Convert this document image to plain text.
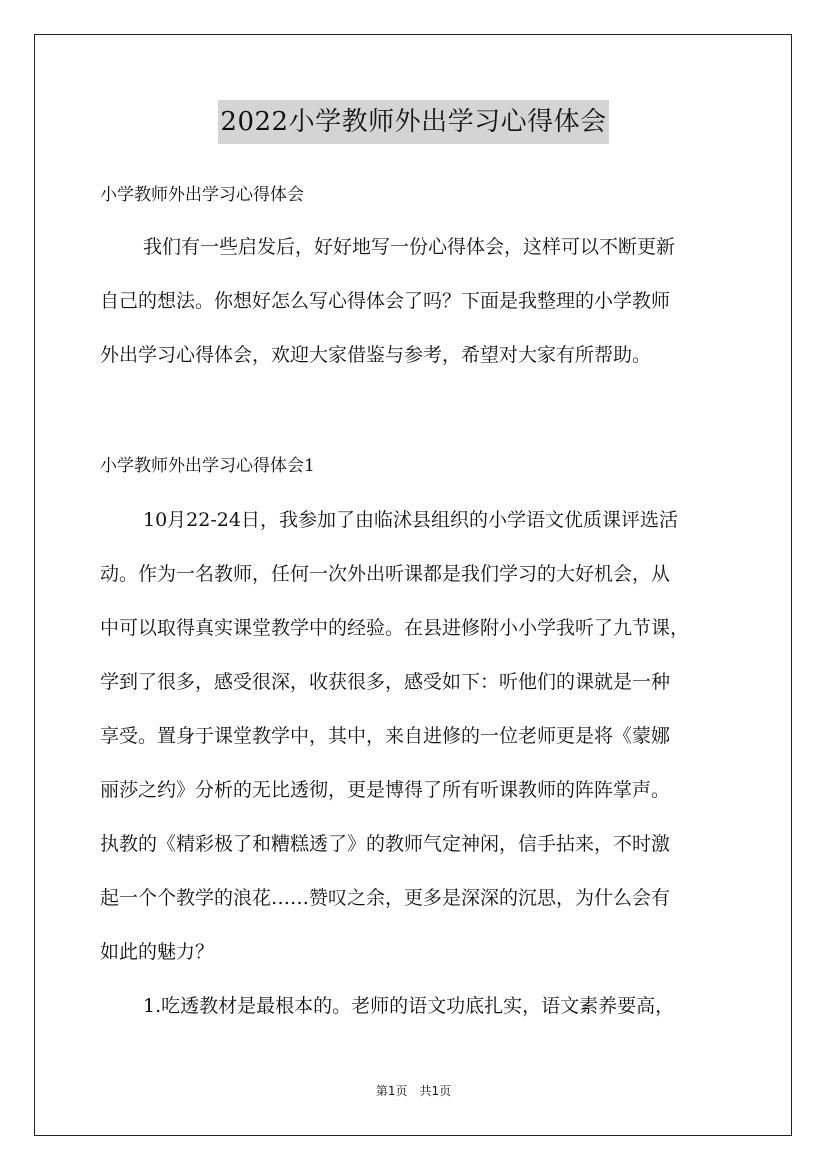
2022小学教师外出学习心得体会
小学教师外出学习心得体会
我们有一些启发后，好好地写一份心得体会，这样可以不断更新
自己的想法。你想好怎么写心得体会了吗？下面是我整理的小学教师
外出学习心得体会，欢迎大家借鉴与参考，希望对大家有所帮助。
小学教师外出学习心得体会1
10月22-24日，我参加了由临沭县组织的小学语文优质课评选活
动。作为一名教师，任何一次外出听课都是我们学习的大好机会，从
中可以取得真实课堂教学中的经验。在县进修附小小学我听了九节课，
学到了很多，感受很深，收获很多，感受如下：听他们的课就是一种
享受。置身于课堂教学中，其中，来自进修的一位老师更是将《蒙娜
丽莎之约》分析的无比透彻，更是博得了所有听课教师的阵阵掌声。
执教的《精彩极了和糟糕透了》的教师气定神闲，信手拈来，不时激
起一个个教学的浪花……赞叹之余，更多是深深的沉思，为什么会有
如此的魅力？
1.吃透教材是最根本的。老师的语文功底扎实，语文素养要高，
第1页　共1页
